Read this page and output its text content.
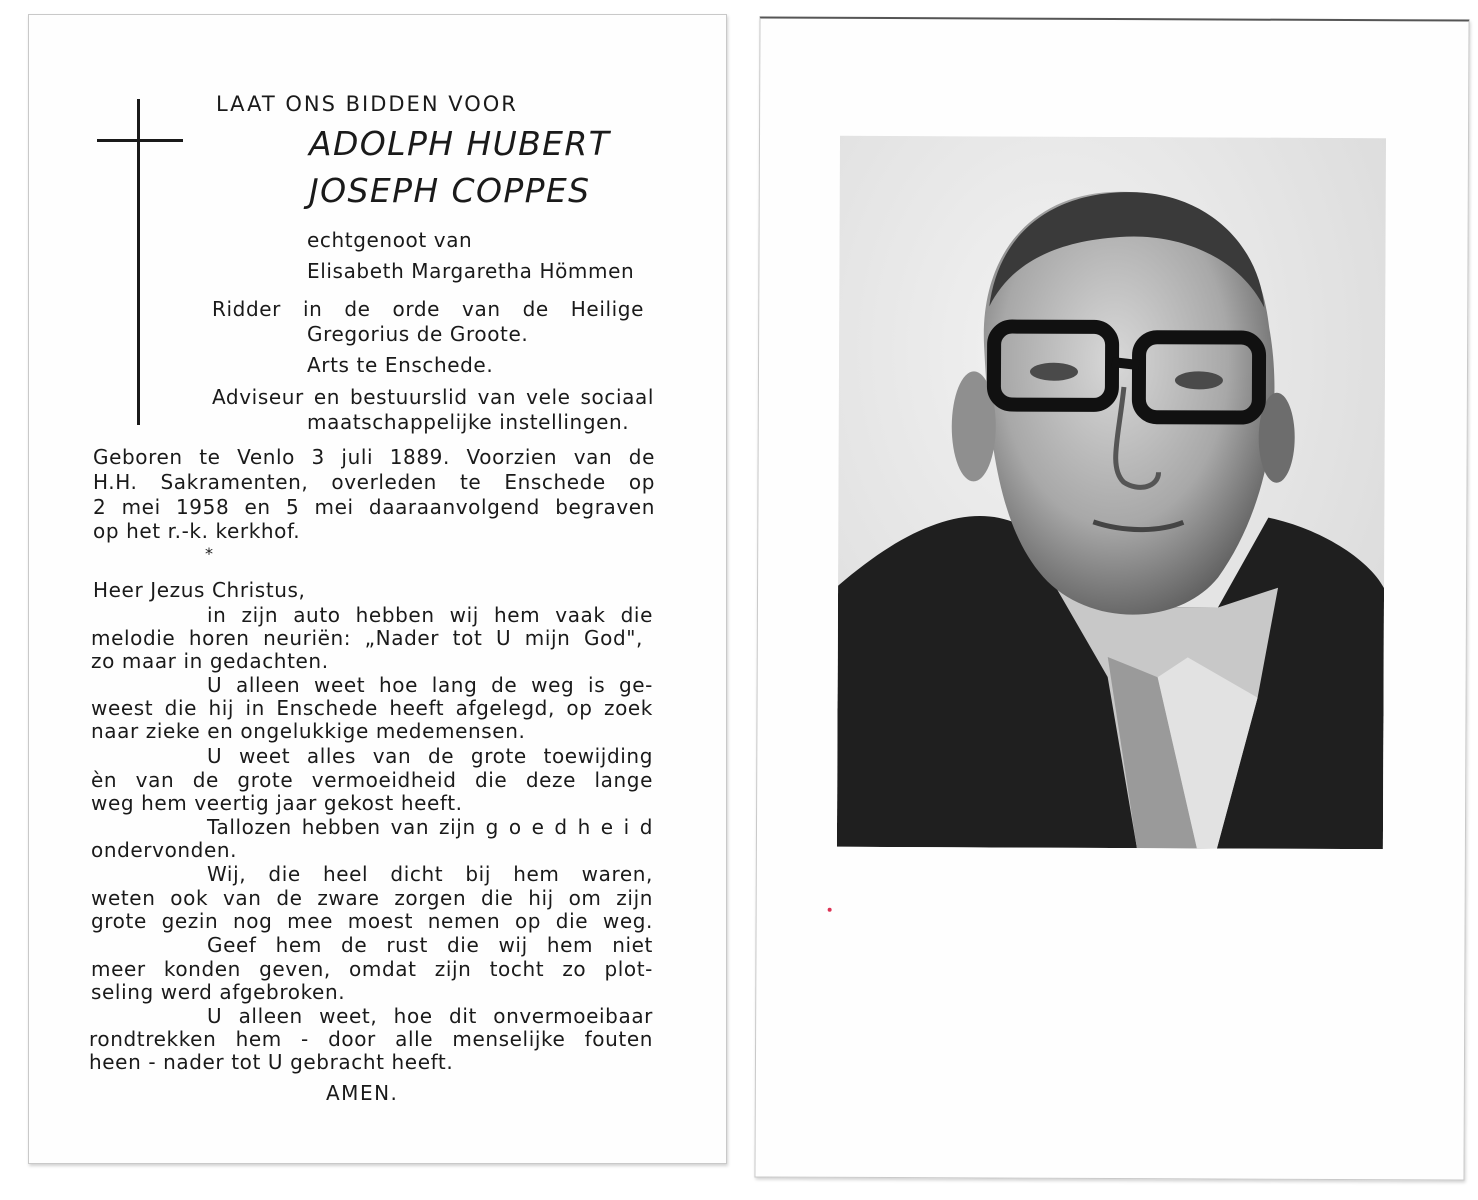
LAAT ONS BIDDEN VOOR

ADOLPH HUBERT

JOSEPH COPPES

echtgenoot van

Elisabeth Margaretha Hömmen

Ridder in de orde van de Heilige

Gregorius de Groote.

Arts te Enschede.

Adviseur en bestuurslid van vele sociaal

maatschappelijke instellingen.

Geboren te Venlo 3 juli 1889. Voorzien van de

H.H. Sakramenten, overleden te Enschede op

2 mei 1958 en 5 mei daaraanvolgend begraven

op het r.-k. kerkhof.

*

Heer Jezus Christus,

in zijn auto hebben wij hem vaak die

melodie horen neuriën: „Nader tot U mijn God",

zo maar in gedachten.

U alleen weet hoe lang de weg is ge-

weest die hij in Enschede heeft afgelegd, op zoek

naar zieke en ongelukkige medemensen.

U weet alles van de grote toewijding

èn van de grote vermoeidheid die deze lange

weg hem veertig jaar gekost heeft.

Tallozen hebben van zijn g o e d h e i d

ondervonden.

Wij, die heel dicht bij hem waren,

weten ook van de zware zorgen die hij om zijn

grote gezin nog mee moest nemen op die weg.

Geef hem de rust die wij hem niet

meer konden geven, omdat zijn tocht zo plot-

seling werd afgebroken.

U alleen weet, hoe dit onvermoeibaar

rondtrekken hem - door alle menselijke fouten

heen - nader tot U gebracht heeft.

AMEN.
